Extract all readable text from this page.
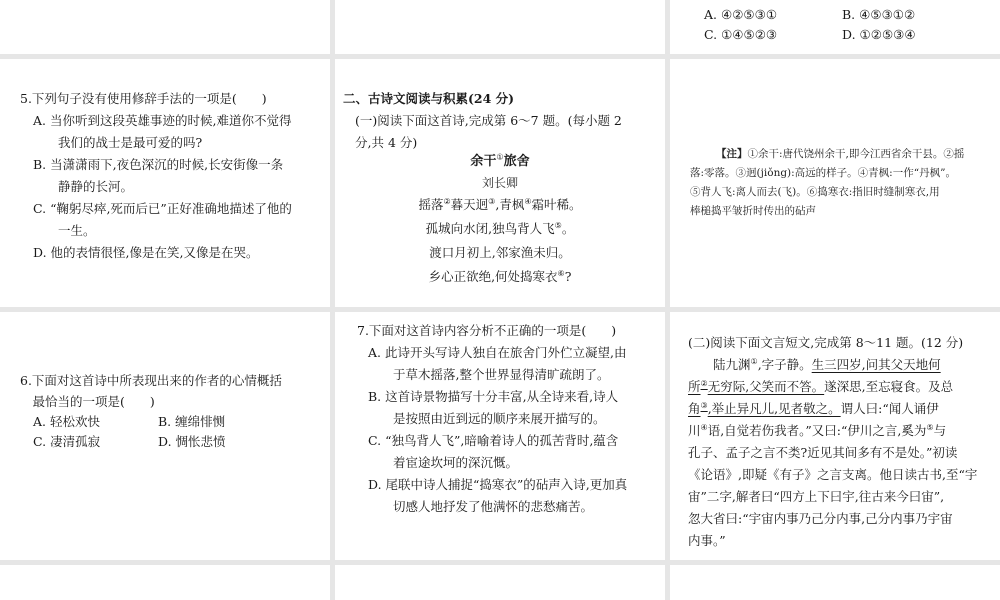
A. ④②⑤③①	B. ④⑤③①②
C. ①④⑤②③	D. ①②⑤③④
5.下列句子没有使用修辞手法的一项是(　　)
A. 当你听到这段英雄事迹的时候,难道你不觉得
　　我们的战士是最可爱的吗?
B. 当潇潇雨下,夜色深沉的时候,长安街像一条
　　静静的长河。
C. “鞠躬尽瘁,死而后已”正好准确地描述了他的
　　一生。
D. 他的表情很怪,像是在笑,又像是在哭。
二、古诗文阅读与积累(24 分)
(一)阅读下面这首诗,完成第 6～7 题。(每小题 2
分,共 4 分)
余干①旅舍
刘长卿
摇落②暮天迥③,青枫④霜叶稀。
孤城向水闭,独鸟背人飞⑤。
渡口月初上,邻家渔未归。
乡心正欲绝,何处捣寒衣⑥?
【注】①余干:唐代饶州余干,即今江西省余干县。②摇
落:零落。③迥(jiǒng):高远的样子。④青枫:一作“丹枫”。
⑤背人飞:离人而去(飞)。⑥捣寒衣:指旧时缝制寒衣,用
棒槌捣平皱折时传出的砧声
6.下面对这首诗中所表现出来的作者的心情概括
　最恰当的一项是(　　)
A. 轻松欢快	B. 缠绵悱恻
C. 凄清孤寂	D. 惆怅悲愤
7.下面对这首诗内容分析不正确的一项是(　　)
A. 此诗开头写诗人独自在旅舍门外伫立凝望,由
　　于草木摇落,整个世界显得清旷疏朗了。
B. 这首诗景物描写十分丰富,从全诗来看,诗人
　　是按照由近到远的顺序来展开描写的。
C. “独鸟背人飞”,暗喻着诗人的孤苦背时,蕴含
　　着宦途坎坷的深沉慨。
D. 尾联中诗人捕捉“捣寒衣”的砧声入诗,更加真
　　切感人地抒发了他满怀的悲愁痛苦。
(二)阅读下面文言短文,完成第 8～11 题。(12 分)
　　陆九渊①,字子静。生三四岁,问其父天地何
所②无穷际,父笑而不答。遂深思,至忘寝食。及总
角③,举止异凡儿,见者敬之。谓人曰:“闻人诵伊
川④语,自觉若伤我者。”又曰:“伊川之言,奚为⑤与
孔子、孟子之言不类?近见其间多有不是处。”初读
《论语》,即疑《有子》之言支离。他日读古书,至“宇
宙”二字,解者曰“四方上下曰宇,往古来今曰宙”,
忽大省曰:“宇宙内事乃己分内事,己分内事乃宇宙
内事。”
